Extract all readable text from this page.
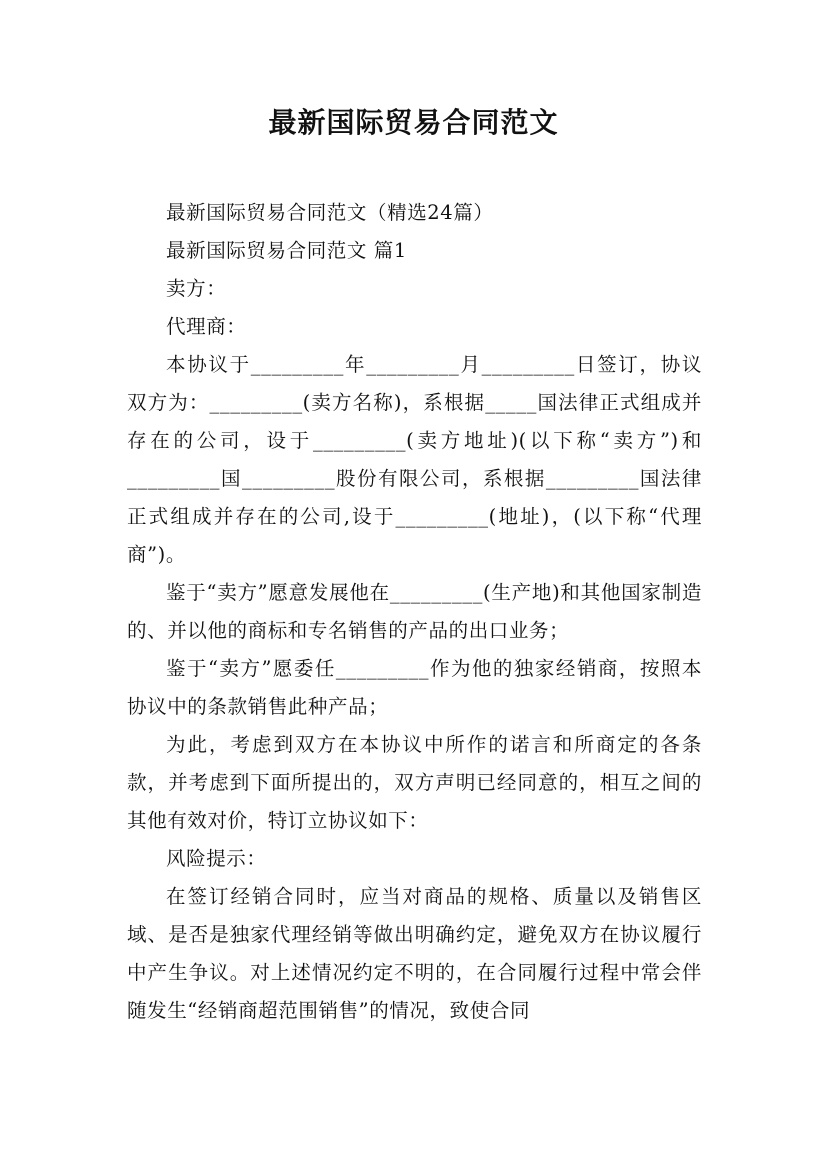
最新国际贸易合同范文

最新国际贸易合同范文（精选24篇）

最新国际贸易合同范文 篇1

卖方：

代理商：

本协议于_________年_________月_________日签订，协议双方为：_________(卖方名称)，系根据_____国法律正式组成并存在的公司，设于_________(卖方地址)(以下称“卖方”)和_________国_________股份有限公司，系根据_________国法律正式组成并存在的公司,设于_________(地址)，(以下称“代理商”)。

鉴于“卖方”愿意发展他在_________(生产地)和其他国家制造的、并以他的商标和专名销售的产品的出口业务；

鉴于“卖方”愿委任_________作为他的独家经销商，按照本协议中的条款销售此种产品；

为此，考虑到双方在本协议中所作的诺言和所商定的各条款，并考虑到下面所提出的，双方声明已经同意的，相互之间的其他有效对价，特订立协议如下：

风险提示：

在签订经销合同时，应当对商品的规格、质量以及销售区域、是否是独家代理经销等做出明确约定，避免双方在协议履行中产生争议。对上述情况约定不明的，在合同履行过程中常会伴随发生“经销商超范围销售”的情况，致使合同
